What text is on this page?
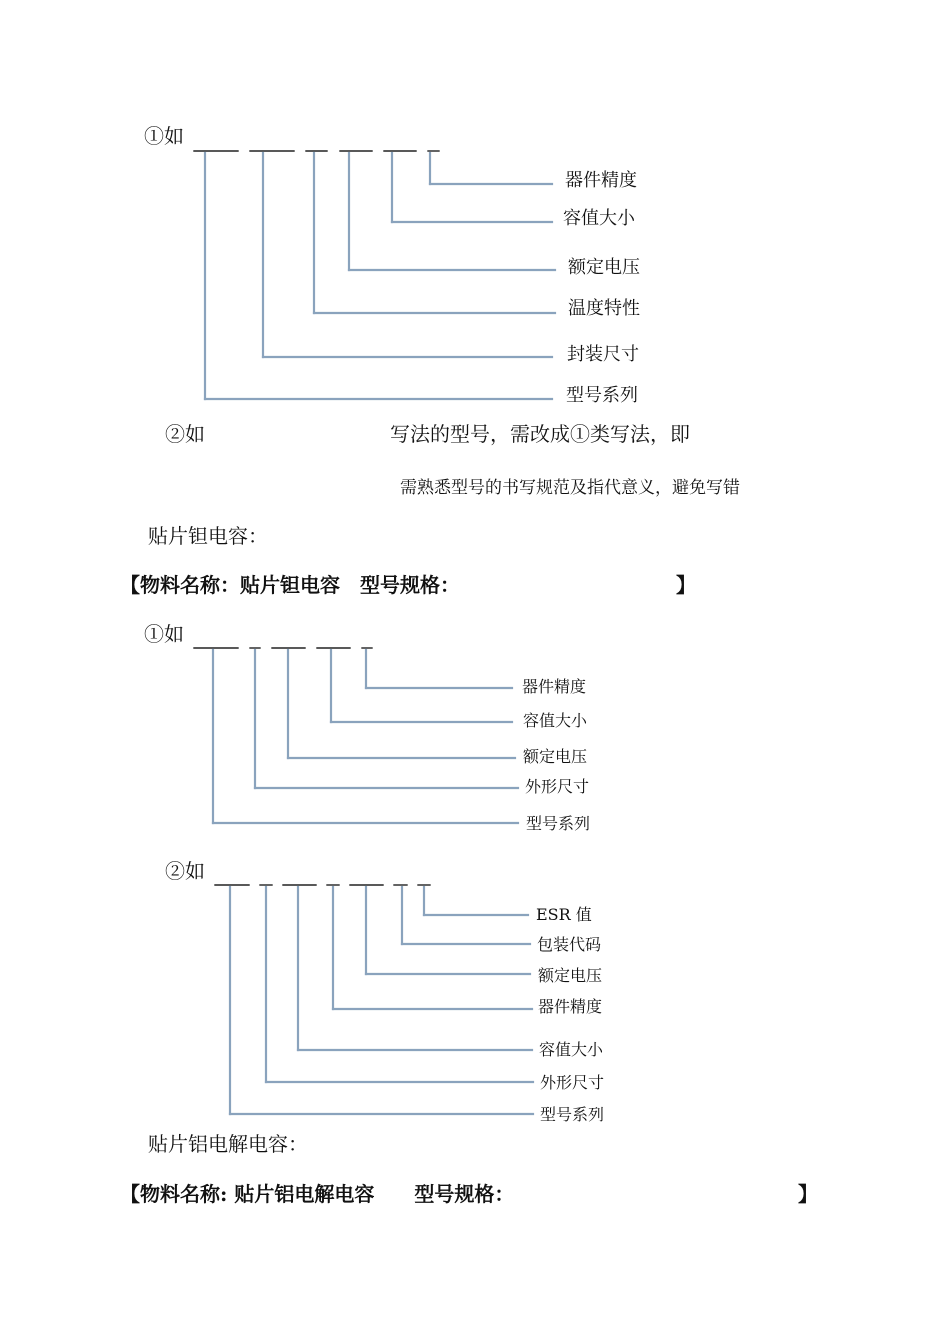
①如
器件精度
容值大小
额定电压
温度特性
封装尺寸
型号系列
②如	写法的型号，需改成①类写法，即
需熟悉型号的书写规范及指代意义，避免写错
贴片钽电容：
【物料名称：贴片钽电容　型号规格：	】
①如
器件精度
容值大小
额定电压
外形尺寸
型号系列
②如
ESR 值
包装代码
额定电压
器件精度
容值大小
外形尺寸
型号系列
贴片铝电解电容：
【物料名称: 贴片铝电解电容　　型号规格：	】
